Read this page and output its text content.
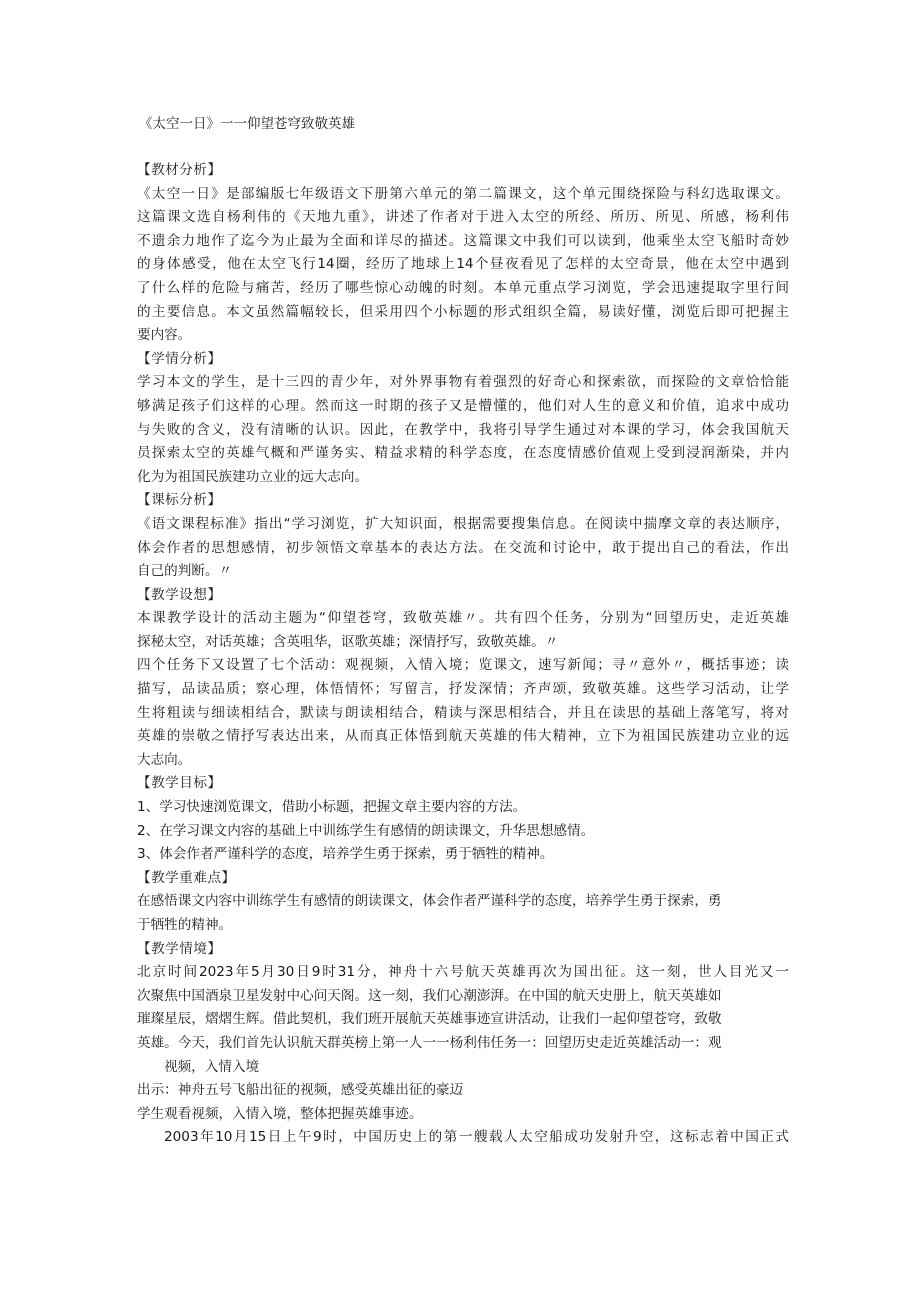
《太空一日》一一仰望苍穹致敬英雄
【教材分析】
《太空一日》是部编版七年级语文下册第六单元的第二篇课文，这个单元围绕探险与科幻选取课文。
这篇课文选自杨利伟的《天地九重》，讲述了作者对于进入太空的所经、所历、所见、所感，杨利伟
不遗余力地作了迄今为止最为全面和详尽的描述。这篇课文中我们可以读到，他乘坐太空飞船时奇妙
的身体感受，他在太空飞行14圈，经历了地球上14个昼夜看见了怎样的太空奇景，他在太空中遇到
了什么样的危险与痛苦，经历了哪些惊心动魄的时刻。本单元重点学习浏览，学会迅速提取字里行间
的主要信息。本文虽然篇幅较长，但采用四个小标题的形式组织全篇，易读好懂，浏览后即可把握主
要内容。
【学情分析】
学习本文的学生，是十三四的青少年，对外界事物有着强烈的好奇心和探索欲，而探险的文章恰恰能
够满足孩子们这样的心理。然而这一时期的孩子又是懵懂的，他们对人生的意义和价值，追求中成功
与失败的含义，没有清晰的认识。因此，在教学中，我将引导学生通过对本课的学习，体会我国航天
员探索太空的英雄气概和严谨务实、精益求精的科学态度，在态度情感价值观上受到浸润渐染，并内
化为为祖国民族建功立业的远大志向。
【课标分析】
《语文课程标准》指出“学习浏览，扩大知识面，根据需要搜集信息。在阅读中揣摩文章的表达顺序，
体会作者的思想感情，初步领悟文章基本的表达方法。在交流和讨论中，敢于提出自己的看法，作出
自己的判断。〃
【教学设想】
本课教学设计的活动主题为“仰望苍穹，致敬英雄〃。共有四个任务，分别为“回望历史，走近英雄
探秘太空，对话英雄；含英咀华，讴歌英雄；深情抒写，致敬英雄。〃
四个任务下又设置了七个活动：观视频，入情入境；览课文，速写新闻；寻〃意外〃，概括事迹；读
描写，品读品质；察心理，体悟情怀；写留言，抒发深情；齐声颂，致敬英雄。这些学习活动，让学
生将粗读与细读相结合，默读与朗读相结合，精读与深思相结合，并且在读思的基础上落笔写，将对
英雄的崇敬之情抒写表达出来，从而真正体悟到航天英雄的伟大精神，立下为祖国民族建功立业的远
大志向。
【教学目标】
1、学习快速浏览课文，借助小标题，把握文章主要内容的方法。
2、在学习课文内容的基础上中训练学生有感情的朗读课文，升华思想感情。
3、体会作者严谨科学的态度，培养学生勇于探索，勇于牺牲的精神。
【教学重难点】
在感悟课文内容中训练学生有感情的朗读课文，体会作者严谨科学的态度，培养学生勇于探索，勇
于牺牲的精神。
【教学情境】
北京时间2023年5月30日9时31分，神舟十六号航天英雄再次为国出征。这一刻，世人目光又一
次聚焦中国酒泉卫星发射中心问天阁。这一刻，我们心潮澎湃。在中国的航天史册上，航天英雄如
璀璨星辰，熠熠生辉。借此契机，我们班开展航天英雄事迹宣讲活动，让我们一起仰望苍穹，致敬
英雄。今天，我们首先认识航天群英榜上第一人一一杨利伟任务一：回望历史走近英雄活动一：观
视频，入情入境
出示：神舟五号飞船出征的视频，感受英雄出征的豪迈
学生观看视频，入情入境，整体把握英雄事迹。
2003年10月15日上午9时，中国历史上的第一艘载人太空船成功发射升空，这标志着中国正式
